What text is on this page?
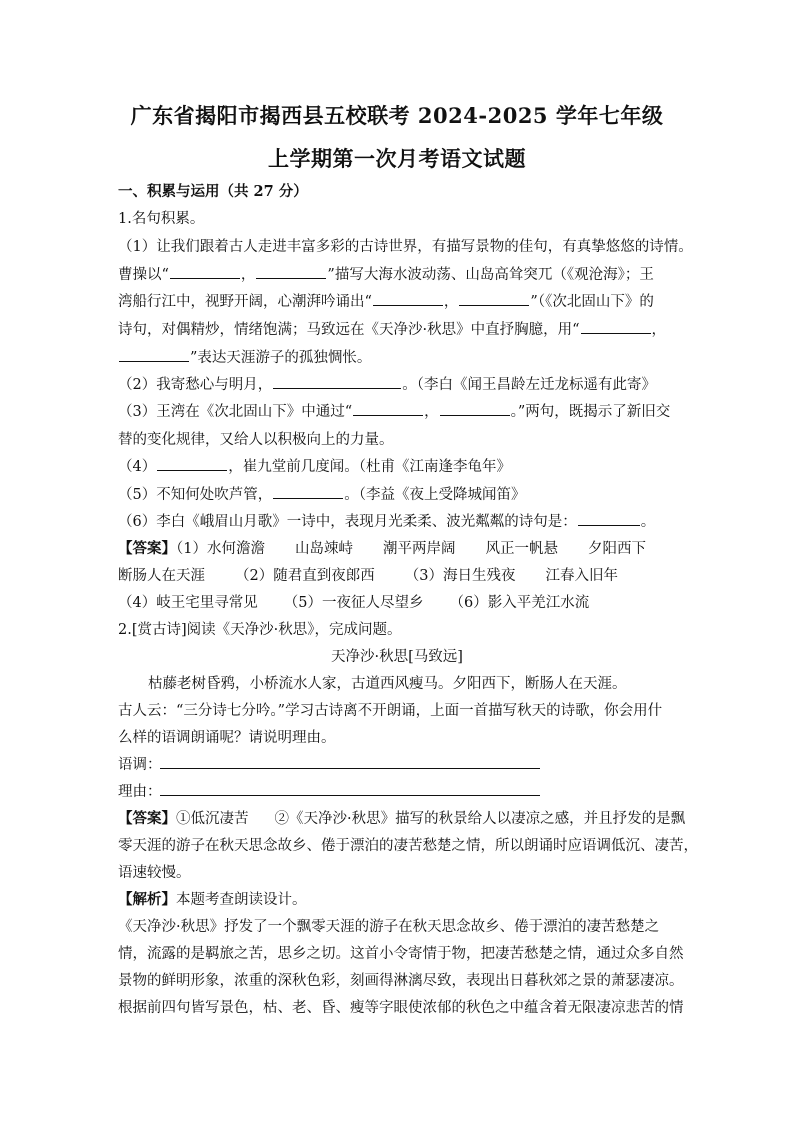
广东省揭阳市揭西县五校联考 2024-2025 学年七年级
上学期第一次月考语文试题
一、积累与运用（共 27 分）
1.名句积累。
（1）让我们跟着古人走进丰富多彩的古诗世界，有描写景物的佳句，有真挚悠悠的诗情。
曹操以“	，	”描写大海水波动荡、山岛高耸突兀（《观沧海》；王
湾船行江中，视野开阔，心潮湃吟诵出“	，	”（《次北固山下》的
诗句，对偶精炒，情绪饱满；马致远在《天净沙·秋思》中直抒胸臆，用“	，
”表达天涯游子的孤独惆怅。
（2）我寄愁心与明月，	。（李白《闻王昌龄左迁龙标遥有此寄》
（3）王湾在《次北固山下》中通过“	，	。”两句，既揭示了新旧交
替的变化规律，又给人以积极向上的力量。
（4）	，崔九堂前几度闻。（杜甫《江南逢李龟年》
（5）不知何处吹芦管，	。（李益《夜上受降城闻笛》
（6）李白《峨眉山月歌》一诗中，表现月光柔柔、波光粼粼的诗句是：	。
【答案】（1）水何澹澹 山岛竦峙 潮平两岸阔 风正一帆悬 夕阳西下
断肠人在天涯 （2）随君直到夜郎西 （3）海日生残夜 江春入旧年
（4）岐王宅里寻常见 （5）一夜征人尽望乡 （6）影入平羌江水流
2.[赏古诗]阅读《天净沙·秋思》，完成问题。
天净沙·秋思[马致远]
枯藤老树昏鸦，小桥流水人家，古道西风瘦马。夕阳西下，断肠人在天涯。
古人云：“三分诗七分吟。”学习古诗离不开朗诵，上面一首描写秋天的诗歌，你会用什
么样的语调朗诵呢？请说明理由。
语调：
理由：
【答案】①低沉凄苦 ②《天净沙·秋思》描写的秋景给人以凄凉之感，并且抒发的是飘
零天涯的游子在秋天思念故乡、倦于漂泊的凄苦愁楚之情，所以朗诵时应语调低沉、凄苦，
语速较慢。
【解析】本题考查朗读设计。
《天净沙·秋思》抒发了一个飘零天涯的游子在秋天思念故乡、倦于漂泊的凄苦愁楚之
情，流露的是羁旅之苦，思乡之切。这首小令寄情于物，把凄苦愁楚之情，通过众多自然
景物的鲜明形象，浓重的深秋色彩，刻画得淋漓尽致，表现出日暮秋郊之景的萧瑟凄凉。
根据前四句皆写景色，枯、老、昏、瘦等字眼使浓郁的秋色之中蕴含着无限凄凉悲苦的情
